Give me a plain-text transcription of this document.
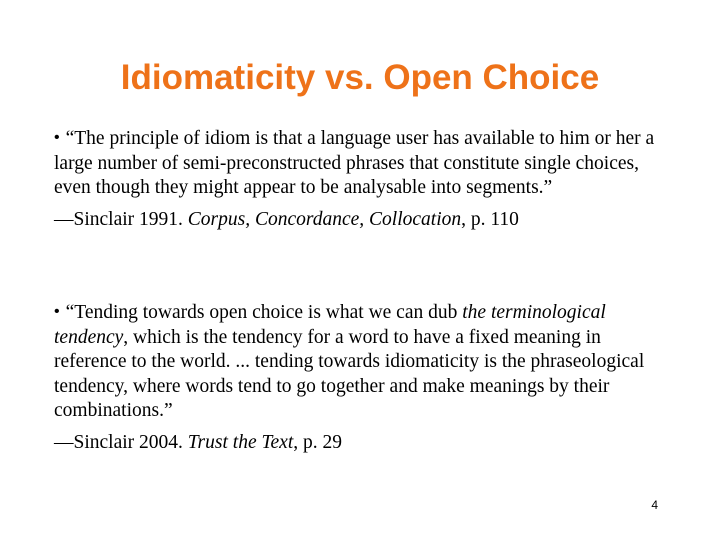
Idiomaticity vs. Open Choice

• “The principle of idiom is that a language user has available to him or her a large number of semi-preconstructed phrases that constitute single choices, even though they might appear to be analysable into segments.”

—Sinclair 1991. Corpus, Concordance, Collocation, p. 110

• “Tending towards open choice is what we can dub the terminological tendency, which is the tendency for a word to have a fixed meaning in reference to the world. ... tending towards idiomaticity is the phraseological tendency, where words tend to go together and make meanings by their combinations.”

—Sinclair 2004. Trust the Text, p. 29

4
